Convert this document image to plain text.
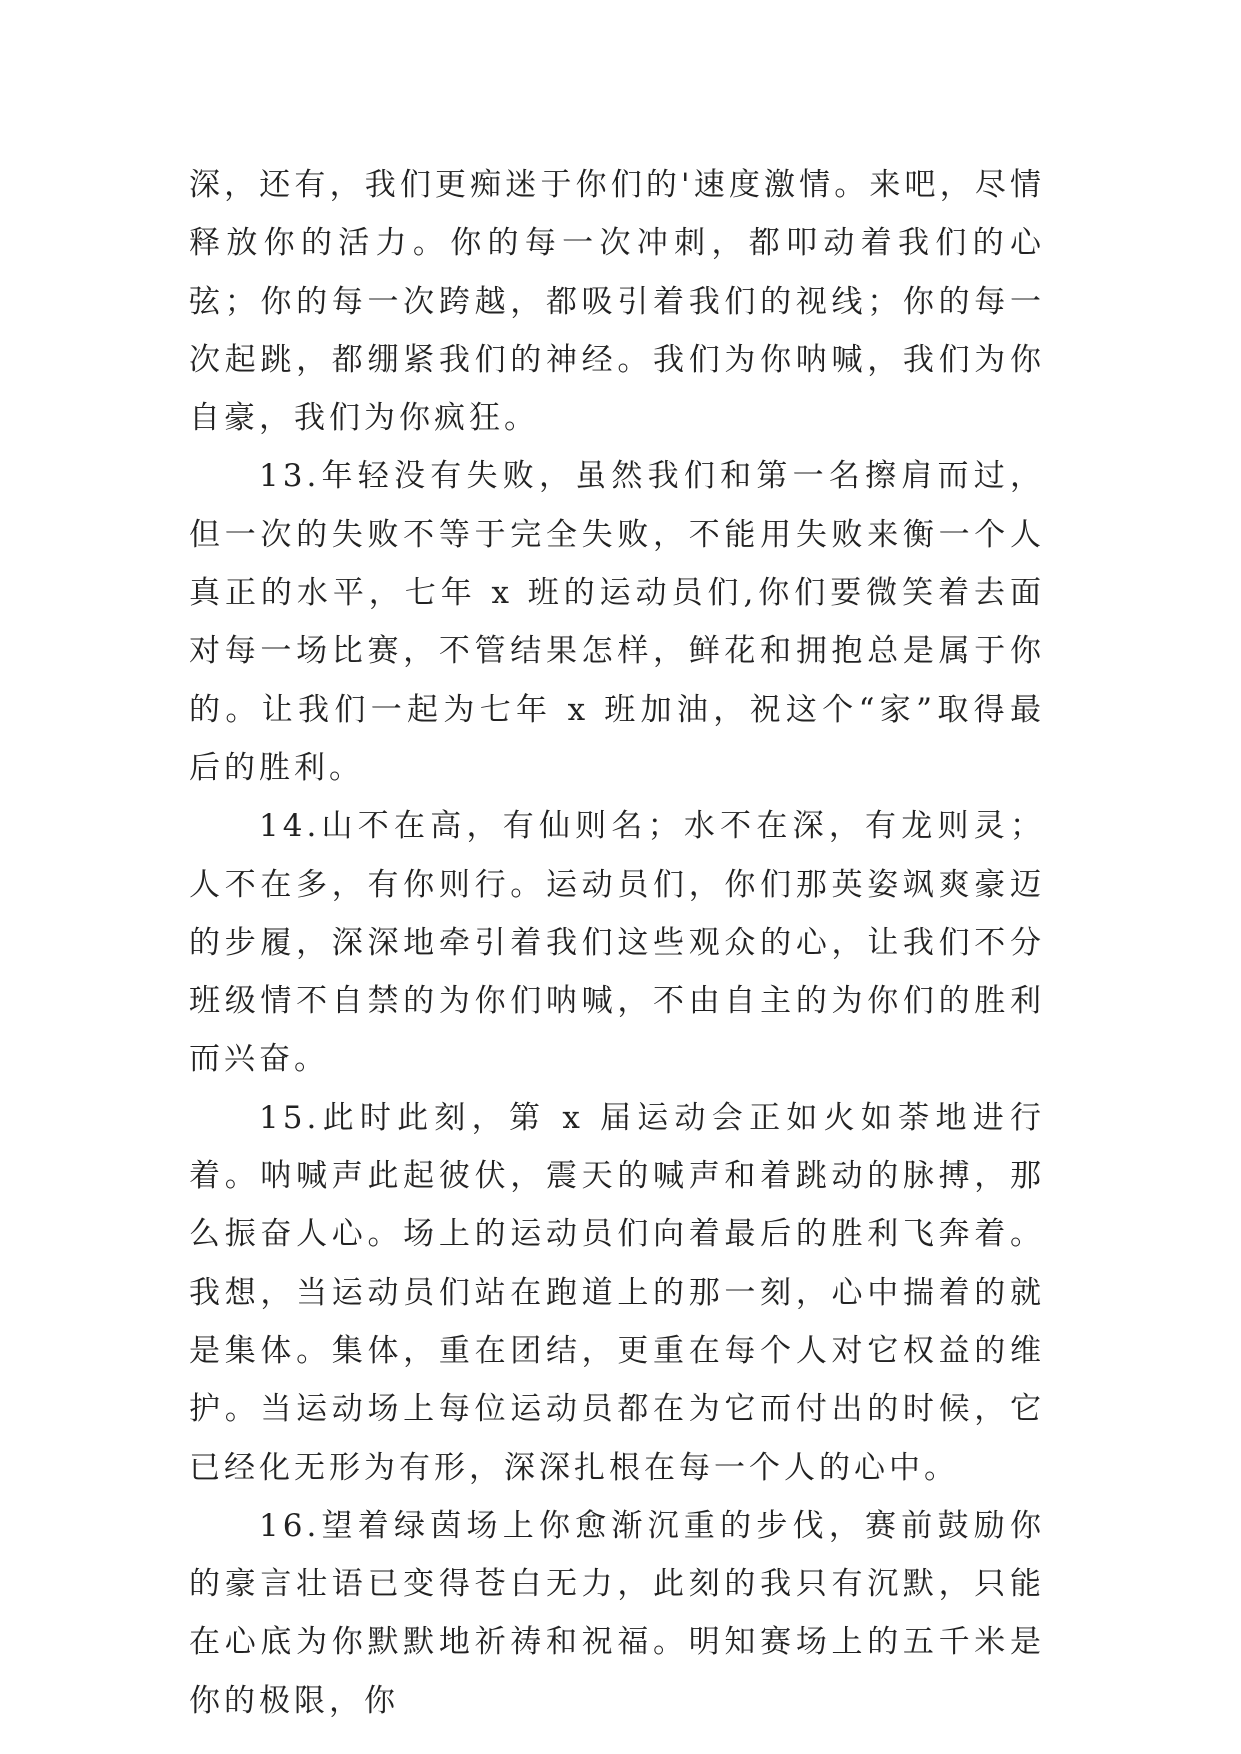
深，还有，我们更痴迷于你们的'速度激情。来吧，尽情释放你的活力。你的每一次冲刺，都叩动着我们的心弦；你的每一次跨越，都吸引着我们的视线；你的每一次起跳，都绷紧我们的神经。我们为你呐喊，我们为你自豪，我们为你疯狂。

13.年轻没有失败，虽然我们和第一名擦肩而过，但一次的失败不等于完全失败，不能用失败来衡一个人真正的水平，七年 x 班的运动员们,你们要微笑着去面对每一场比赛，不管结果怎样，鲜花和拥抱总是属于你的。让我们一起为七年 x 班加油，祝这个“家”取得最后的胜利。

14.山不在高，有仙则名；水不在深，有龙则灵；人不在多，有你则行。运动员们，你们那英姿飒爽豪迈的步履，深深地牵引着我们这些观众的心，让我们不分班级情不自禁的为你们呐喊，不由自主的为你们的胜利而兴奋。

15.此时此刻，第 x 届运动会正如火如荼地进行着。呐喊声此起彼伏，震天的喊声和着跳动的脉搏，那么振奋人心。场上的运动员们向着最后的胜利飞奔着。我想，当运动员们站在跑道上的那一刻，心中揣着的就是集体。集体，重在团结，更重在每个人对它权益的维护。当运动场上每位运动员都在为它而付出的时候，它已经化无形为有形，深深扎根在每一个人的心中。

16.望着绿茵场上你愈渐沉重的步伐，赛前鼓励你的豪言壮语已变得苍白无力，此刻的我只有沉默，只能在心底为你默默地祈祷和祝福。明知赛场上的五千米是你的极限，你
